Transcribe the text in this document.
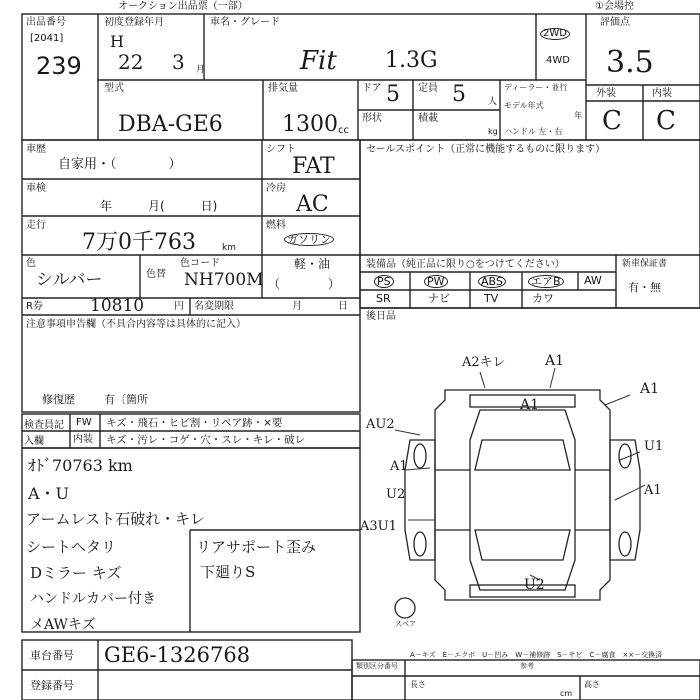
オークション出品票（一部）	①会場控
出品番号
[2041]
239
初度登録年月
H
22 3 月
車名・グレード
Fit 1.3G
2WD
4WD
評価点
3.5
外装	内装
C C
型式
DBA-GE6
排気量
1300 cc
ドア 5 定員 5 人
形状	積載
kg
ディーラー・並行
モデル年式
年
ハンドル 左・右
車歴
自家用・（　　　　）
シフト
FAT
車検
年　　　月(　　　日)
冷房
AC
走行
7万0千763	km
燃料
ガソリン
軽・油
（　　　　）
色
シルバー	色替
色コード
NH700M
R券	10810	円 名変期限	月	日
注意事項申告欄（不具合内容等は具体的に記入）
修復歴	有〔箇所
セールスポイント（正常に機能するものに限ります）
装備品（純正品に限り○をつけてください）	新車保証書
有・無
PS	PW	ABS	エアB AW
SR	ナビ	TV	カワ
後日品
検査員記入欄
FW
内装
キズ・飛石・ヒビ割・リペア跡・×要
キズ・汚レ・コゲ・穴・スレ・キレ・破レ
ｵﾄﾞ70763 km
A・U
アームレスト石破れ・キレ
シートヘタリ
Dミラー キズ
ハンドルカバー付き
リアサポート歪み
下廻りS
メAWキズ
A2キレ	A1
A1
A1
AU2
U1
A1
A1
U2
A3U1
U2
スペア
A－キズ　E－エクボ　U－凹み　W－補修跡　S－サビ　C－腐食　××－交換済
類別区分番号	参考
長さ	高さ
cm
車台番号 GE6-1326768
登録番号
